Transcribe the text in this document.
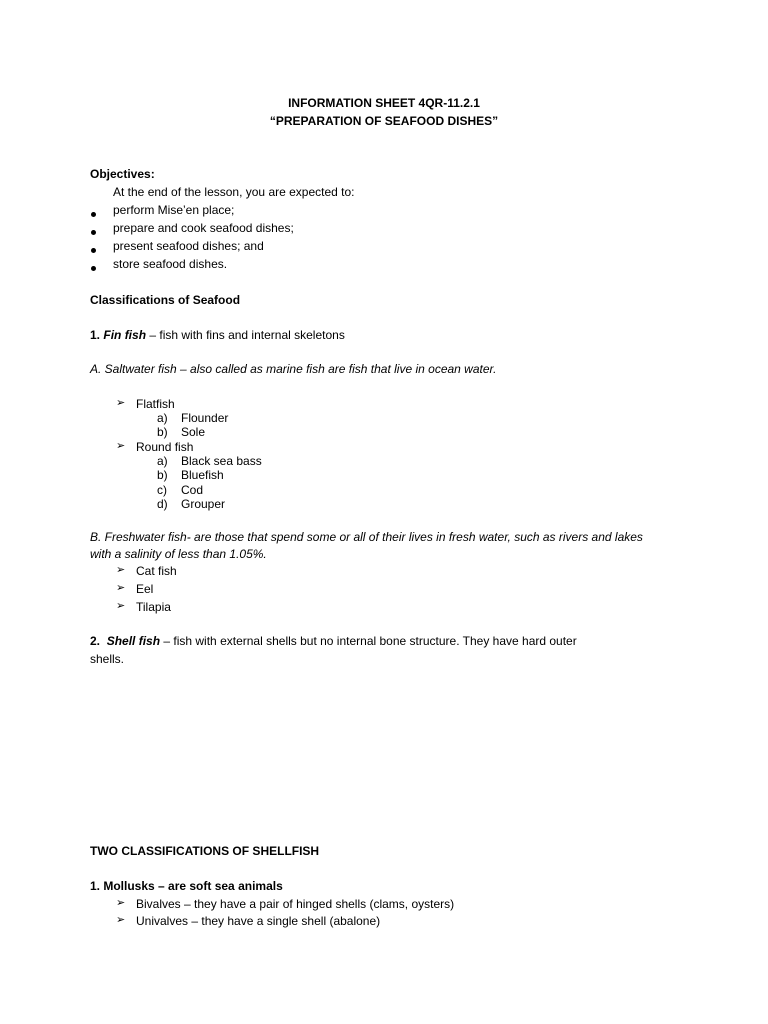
INFORMATION SHEET 4QR-11.2.1
“PREPARATION OF SEAFOOD DISHES”
Objectives:
At the end of the lesson, you are expected to:
perform Mise’en place;
prepare and cook seafood dishes;
present seafood dishes; and
store seafood dishes.
Classifications of Seafood
1. Fin fish – fish with fins and internal skeletons
A. Saltwater fish – also called as marine fish are fish that live in ocean water.
➢ Flatfish
a) Flounder
b) Sole
➢ Round fish
a) Black sea bass
b) Bluefish
c) Cod
d) Grouper
B. Freshwater fish- are those that spend some or all of their lives in fresh water, such as rivers and lakes
with a salinity of less than 1.05%.
➢ Cat fish
➢ Eel
➢ Tilapia
2. Shell fish – fish with external shells but no internal bone structure. They have hard outer
shells.
TWO CLASSIFICATIONS OF SHELLFISH
1. Mollusks – are soft sea animals
➢ Bivalves – they have a pair of hinged shells (clams, oysters)
➢ Univalves – they have a single shell (abalone)
